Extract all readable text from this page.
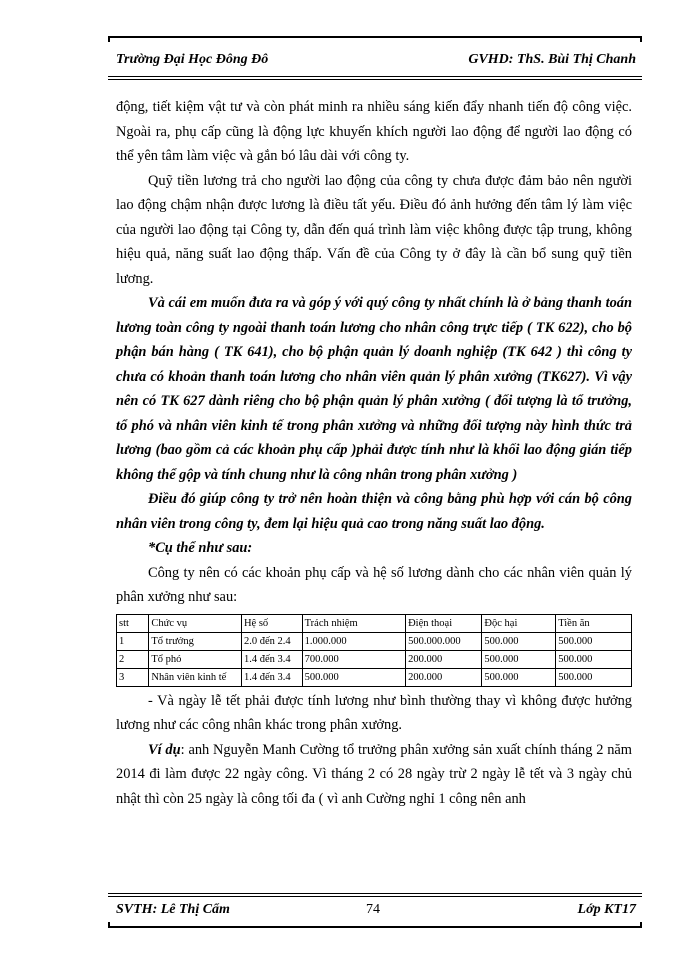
Trường Đại Học Đông Đô	GVHD: ThS. Bùi Thị Chanh

động, tiết kiệm vật tư và còn phát minh ra nhiều sáng kiến đẩy nhanh tiến độ công việc. Ngoài ra, phụ cấp cũng là động lực khuyến khích người lao động để người lao động có thể yên tâm làm việc và gắn bó lâu dài với công ty.

Quỹ tiền lương trả cho người lao động của công ty chưa được đảm bảo nên người lao động chậm nhận được lương là điều tất yếu. Điều đó ảnh hưởng đến tâm lý làm việc của người lao động tại Công ty, dẫn đến quá trình làm việc không được tập trung, không hiệu quả, năng suất lao động thấp. Vấn đề của Công ty ở đây là cần bổ sung quỹ tiền lương.

Và cái em muốn đưa ra và góp ý với quý công ty nhất chính là ở bảng thanh toán lương toàn công ty ngoài thanh toán lương cho nhân công trực tiếp ( TK 622), cho bộ phận bán hàng ( TK 641), cho bộ phận quản lý doanh nghiệp (TK 642 ) thì công ty chưa có khoản thanh toán lương cho nhân viên quản lý phân xưởng (TK627). Vì vậy nên có TK 627 dành riêng cho bộ phận quản lý phân xưởng ( đối tượng là tổ trưởng, tổ phó và nhân viên kinh tế trong phân xưởng và những đối tượng này hình thức trả lương (bao gồm cả các khoản phụ cấp )phải được tính như là khối lao động gián tiếp không thể gộp và tính chung như là công nhân trong phân xưởng )

Điều đó giúp công ty trở nên hoàn thiện và công bằng phù hợp với cán bộ công nhân viên trong công ty, đem lại hiệu quả cao trong năng suất lao động.

*Cụ thể như sau:

Công ty nên có các khoản phụ cấp và hệ số lương dành cho các nhân viên quản lý phân xưởng như sau:

stt	Chức vụ	Hệ số	Trách nhiệm	Điện thoại	Độc hại	Tiền ăn
1	Tổ trưởng	2.0 đến 2.4	1.000.000	500.000.000	500.000	500.000
2	Tổ phó	1.4 đến 3.4	700.000	200.000	500.000	500.000
3	Nhân viên kinh tế	1.4 đến 3.4	500.000	200.000	500.000	500.000

- Và ngày lễ tết phải được tính lương như bình thường thay vì không được hưởng lương như các công nhân khác trong phân xưởng.

Ví dụ: anh Nguyễn Manh Cường tổ trưởng phân xưởng sản xuất chính tháng 2 năm 2014 đi làm được 22 ngày công. Vì tháng 2 có 28 ngày trừ 2 ngày lễ tết và 3 ngày chủ nhật thì còn 25 ngày là công tối đa ( vì anh Cường nghỉ 1 công nên anh

SVTH: Lê Thị Cẩm	74	Lớp KT17
